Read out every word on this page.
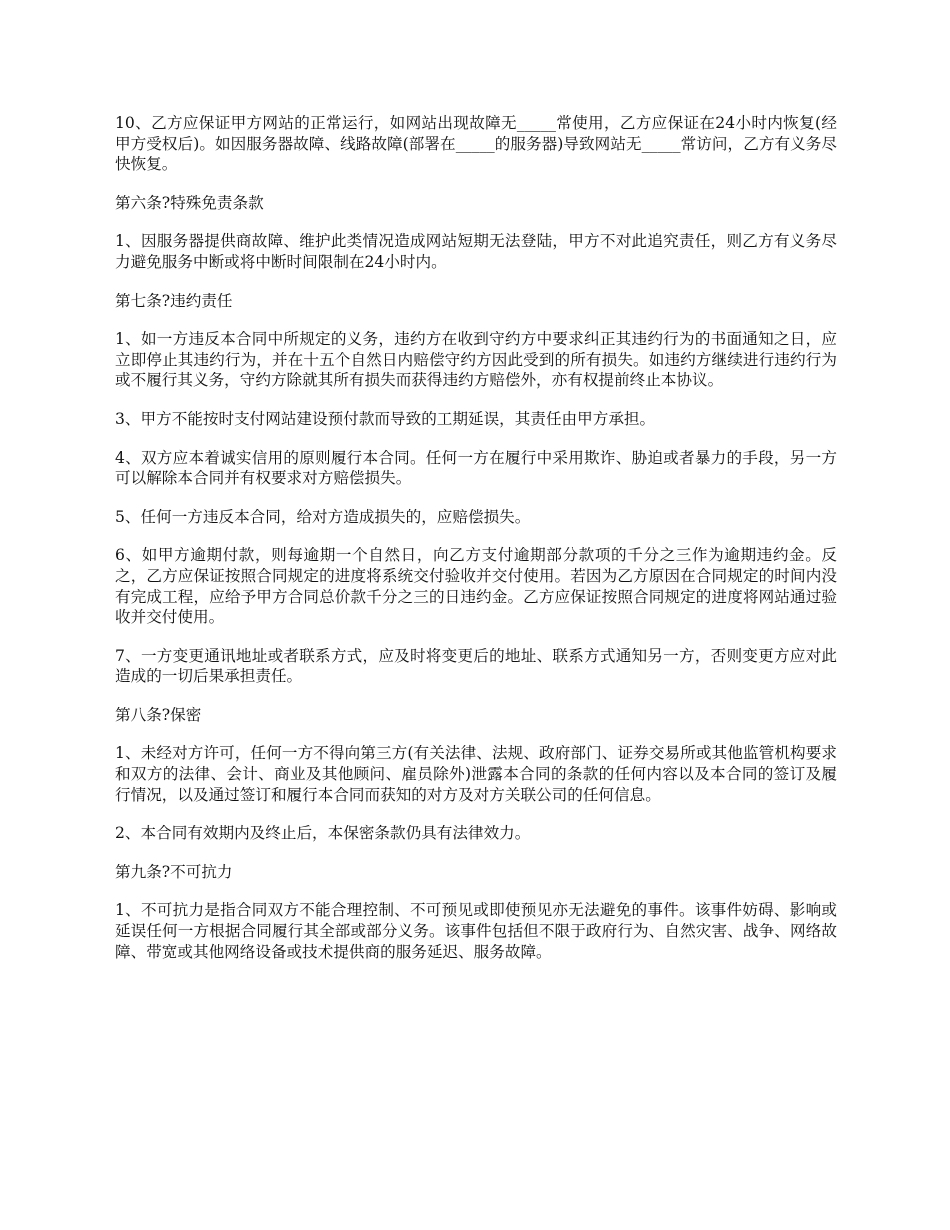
10、乙方应保证甲方网站的正常运行，如网站出现故障无_____常使用，乙方应保证在24小时内恢复(经甲方受权后)。如因服务器故障、线路故障(部署在_____的服务器)导致网站无_____常访问，乙方有义务尽快恢复。

第六条?特殊免责条款

1、因服务器提供商故障、维护此类情况造成网站短期无法登陆，甲方不对此追究责任，则乙方有义务尽力避免服务中断或将中断时间限制在24小时内。

第七条?违约责任

1、如一方违反本合同中所规定的义务，违约方在收到守约方中要求纠正其违约行为的书面通知之日，应立即停止其违约行为，并在十五个自然日内赔偿守约方因此受到的所有损失。如违约方继续进行违约行为或不履行其义务，守约方除就其所有损失而获得违约方赔偿外，亦有权提前终止本协议。

3、甲方不能按时支付网站建设预付款而导致的工期延误，其责任由甲方承担。

4、双方应本着诚实信用的原则履行本合同。任何一方在履行中采用欺诈、胁迫或者暴力的手段，另一方可以解除本合同并有权要求对方赔偿损失。

5、任何一方违反本合同，给对方造成损失的，应赔偿损失。

6、如甲方逾期付款，则每逾期一个自然日，向乙方支付逾期部分款项的千分之三作为逾期违约金。反之，乙方应保证按照合同规定的进度将系统交付验收并交付使用。若因为乙方原因在合同规定的时间内没有完成工程，应给予甲方合同总价款千分之三的日违约金。乙方应保证按照合同规定的进度将网站通过验收并交付使用。

7、一方变更通讯地址或者联系方式，应及时将变更后的地址、联系方式通知另一方，否则变更方应对此造成的一切后果承担责任。

第八条?保密

1、未经对方许可，任何一方不得向第三方(有关法律、法规、政府部门、证券交易所或其他监管机构要求和双方的法律、会计、商业及其他顾问、雇员除外)泄露本合同的条款的任何内容以及本合同的签订及履行情况，以及通过签订和履行本合同而获知的对方及对方关联公司的任何信息。

2、本合同有效期内及终止后，本保密条款仍具有法律效力。

第九条?不可抗力

1、不可抗力是指合同双方不能合理控制、不可预见或即使预见亦无法避免的事件。该事件妨碍、影响或延误任何一方根据合同履行其全部或部分义务。该事件包括但不限于政府行为、自然灾害、战争、网络故障、带宽或其他网络设备或技术提供商的服务延迟、服务故障。
